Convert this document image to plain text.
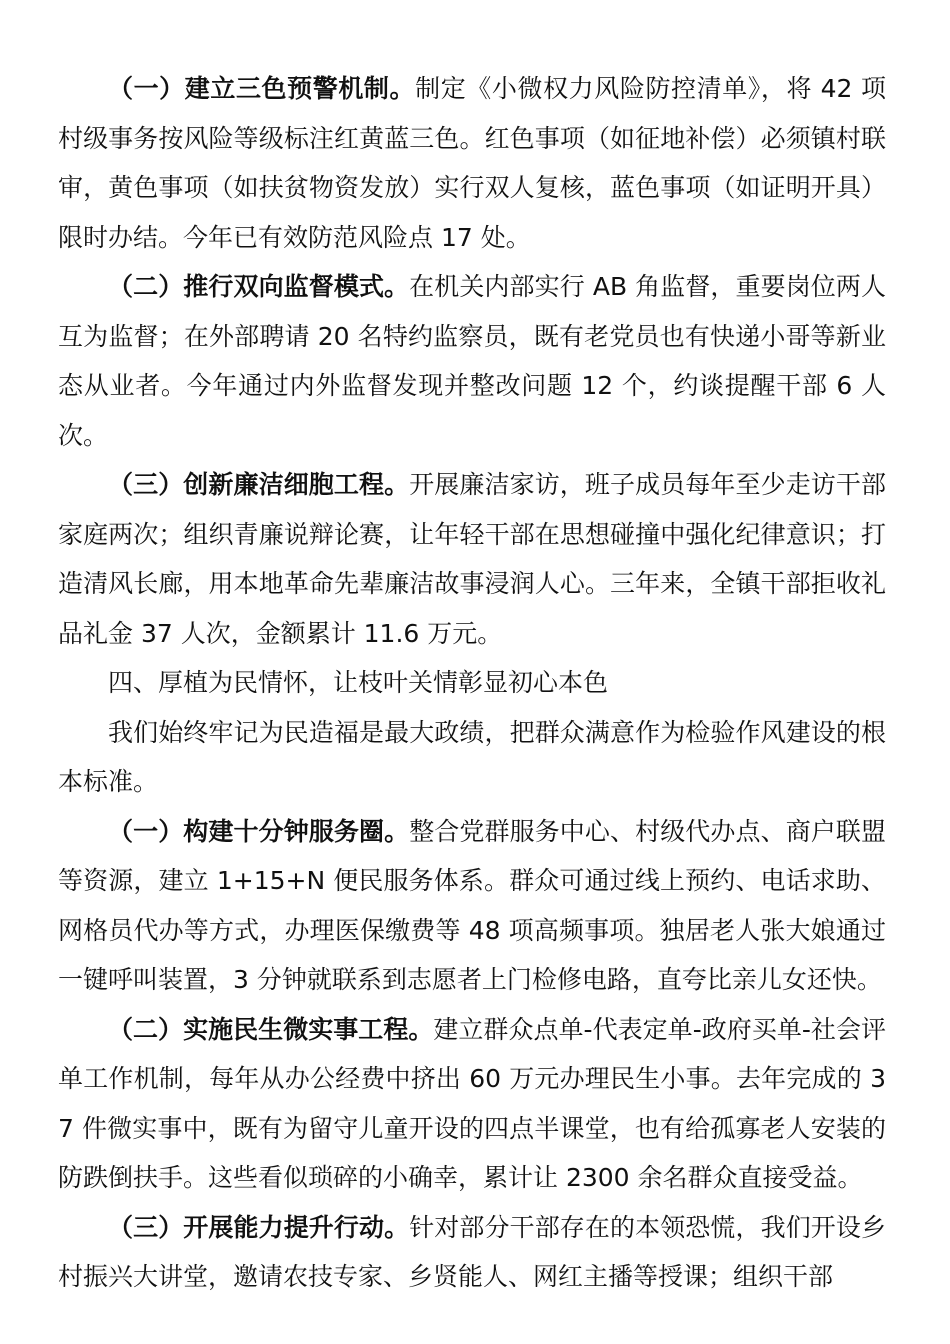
（一）建立三色预警机制。制定《小微权力风险防控清单》，将 42 项村级事务按风险等级标注红黄蓝三色。红色事项（如征地补偿）必须镇村联审，黄色事项（如扶贫物资发放）实行双人复核，蓝色事项（如证明开具）限时办结。今年已有效防范风险点 17 处。

（二）推行双向监督模式。在机关内部实行 AB 角监督，重要岗位两人互为监督；在外部聘请 20 名特约监察员，既有老党员也有快递小哥等新业态从业者。今年通过内外监督发现并整改问题 12 个，约谈提醒干部 6 人次。

（三）创新廉洁细胞工程。开展廉洁家访，班子成员每年至少走访干部家庭两次；组织青廉说辩论赛，让年轻干部在思想碰撞中强化纪律意识；打造清风长廊，用本地革命先辈廉洁故事浸润人心。三年来，全镇干部拒收礼品礼金 37 人次，金额累计 11.6 万元。

四、厚植为民情怀，让枝叶关情彰显初心本色

我们始终牢记为民造福是最大政绩，把群众满意作为检验作风建设的根本标准。

（一）构建十分钟服务圈。整合党群服务中心、村级代办点、商户联盟等资源，建立 1+15+N 便民服务体系。群众可通过线上预约、电话求助、网格员代办等方式，办理医保缴费等 48 项高频事项。独居老人张大娘通过一键呼叫装置，3 分钟就联系到志愿者上门检修电路，直夸比亲儿女还快。

（二）实施民生微实事工程。建立群众点单-代表定单-政府买单-社会评单工作机制，每年从办公经费中挤出 60 万元办理民生小事。去年完成的 37 件微实事中，既有为留守儿童开设的四点半课堂，也有给孤寡老人安装的防跌倒扶手。这些看似琐碎的小确幸，累计让 2300 余名群众直接受益。

（三）开展能力提升行动。针对部分干部存在的本领恐慌，我们开设乡村振兴大讲堂，邀请农技专家、乡贤能人、网红主播等授课；组织干部
